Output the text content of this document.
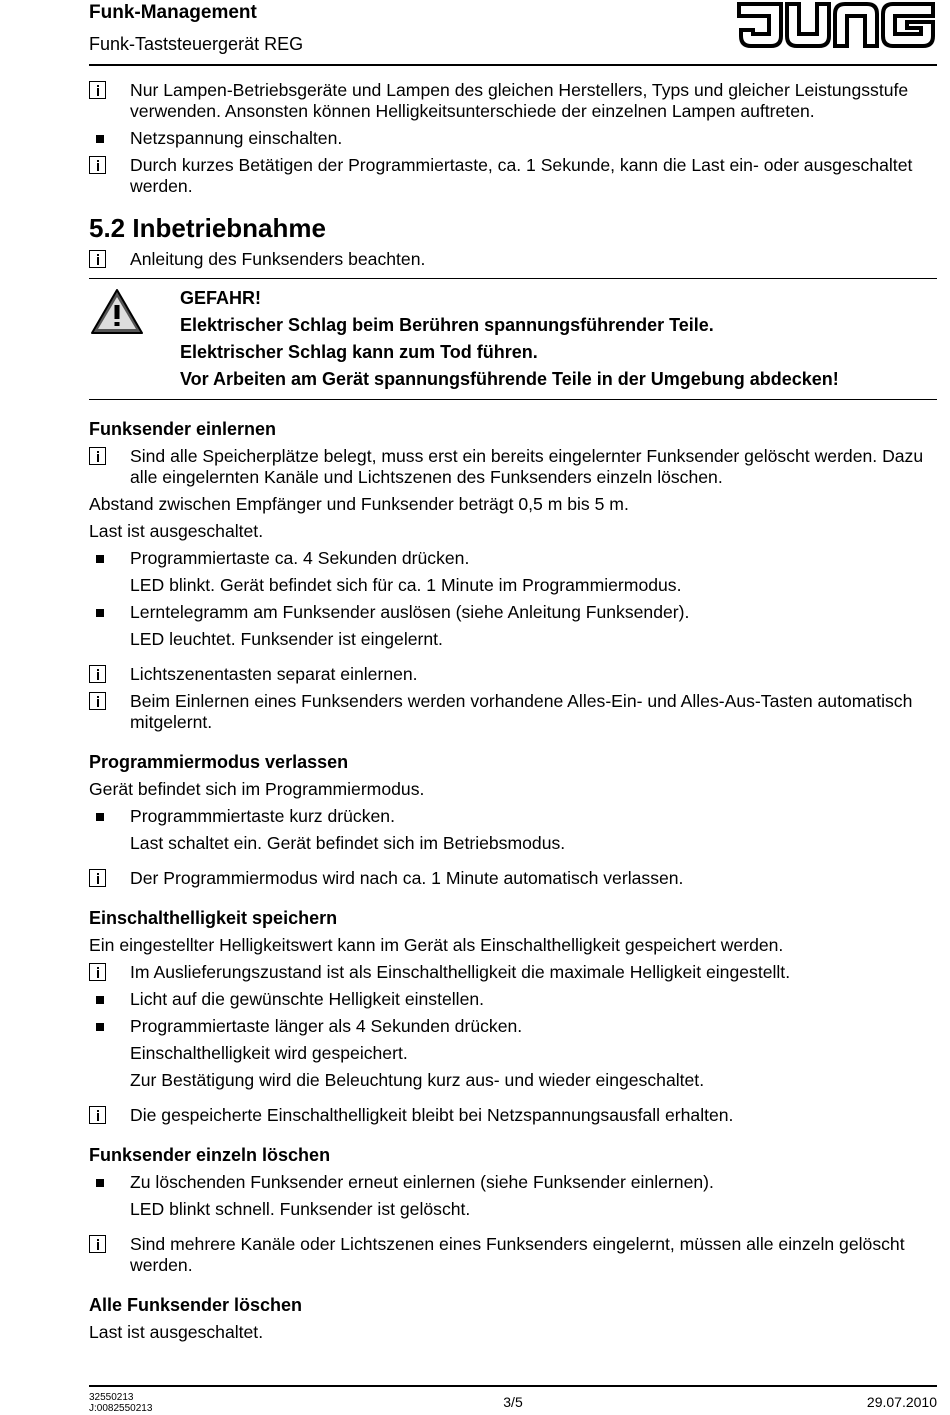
Funk-Management
Funk-Taststeuergerät REG
Nur Lampen-Betriebsgeräte und Lampen des gleichen Herstellers, Typs und gleicher Leistungsstufe verwenden. Ansonsten können Helligkeitsunterschiede der einzelnen Lampen auftreten.
Netzspannung einschalten.
Durch kurzes Betätigen der Programmiertaste, ca. 1 Sekunde, kann die Last ein- oder ausgeschaltet werden.
5.2 Inbetriebnahme
Anleitung des Funksenders beachten.
GEFAHR!
Elektrischer Schlag beim Berühren spannungsführender Teile.
Elektrischer Schlag kann zum Tod führen.
Vor Arbeiten am Gerät spannungsführende Teile in der Umgebung abdecken!
Funksender einlernen
Sind alle Speicherplätze belegt, muss erst ein bereits eingelernter Funksender gelöscht werden. Dazu alle eingelernten Kanäle und Lichtszenen des Funksenders einzeln löschen.
Abstand zwischen Empfänger und Funksender beträgt 0,5 m bis 5 m.
Last ist ausgeschaltet.
Programmiertaste ca. 4 Sekunden drücken.
LED blinkt. Gerät befindet sich für ca. 1 Minute im Programmiermodus.
Lerntelegramm am Funksender auslösen (siehe Anleitung Funksender).
LED leuchtet. Funksender ist eingelernt.
Lichtszenentasten separat einlernen.
Beim Einlernen eines Funksenders werden vorhandene Alles-Ein- und Alles-Aus-Tasten automatisch mitgelernt.
Programmiermodus verlassen
Gerät befindet sich im Programmiermodus.
Programmmiertaste kurz drücken.
Last schaltet ein. Gerät befindet sich im Betriebsmodus.
Der Programmiermodus wird nach ca. 1 Minute automatisch verlassen.
Einschalthelligkeit speichern
Ein eingestellter Helligkeitswert kann im Gerät als Einschalthelligkeit gespeichert werden.
Im Auslieferungszustand ist als Einschalthelligkeit die maximale Helligkeit eingestellt.
Licht auf die gewünschte Helligkeit einstellen.
Programmiertaste länger als 4 Sekunden drücken.
Einschalthelligkeit wird gespeichert.
Zur Bestätigung wird die Beleuchtung kurz aus- und wieder eingeschaltet.
Die gespeicherte Einschalthelligkeit bleibt bei Netzspannungsausfall erhalten.
Funksender einzeln löschen
Zu löschenden Funksender erneut einlernen (siehe Funksender einlernen).
LED blinkt schnell. Funksender ist gelöscht.
Sind mehrere Kanäle oder Lichtszenen eines Funksenders eingelernt, müssen alle einzeln gelöscht werden.
Alle Funksender löschen
Last ist ausgeschaltet.
32550213
J:0082550213	3/5	29.07.2010
